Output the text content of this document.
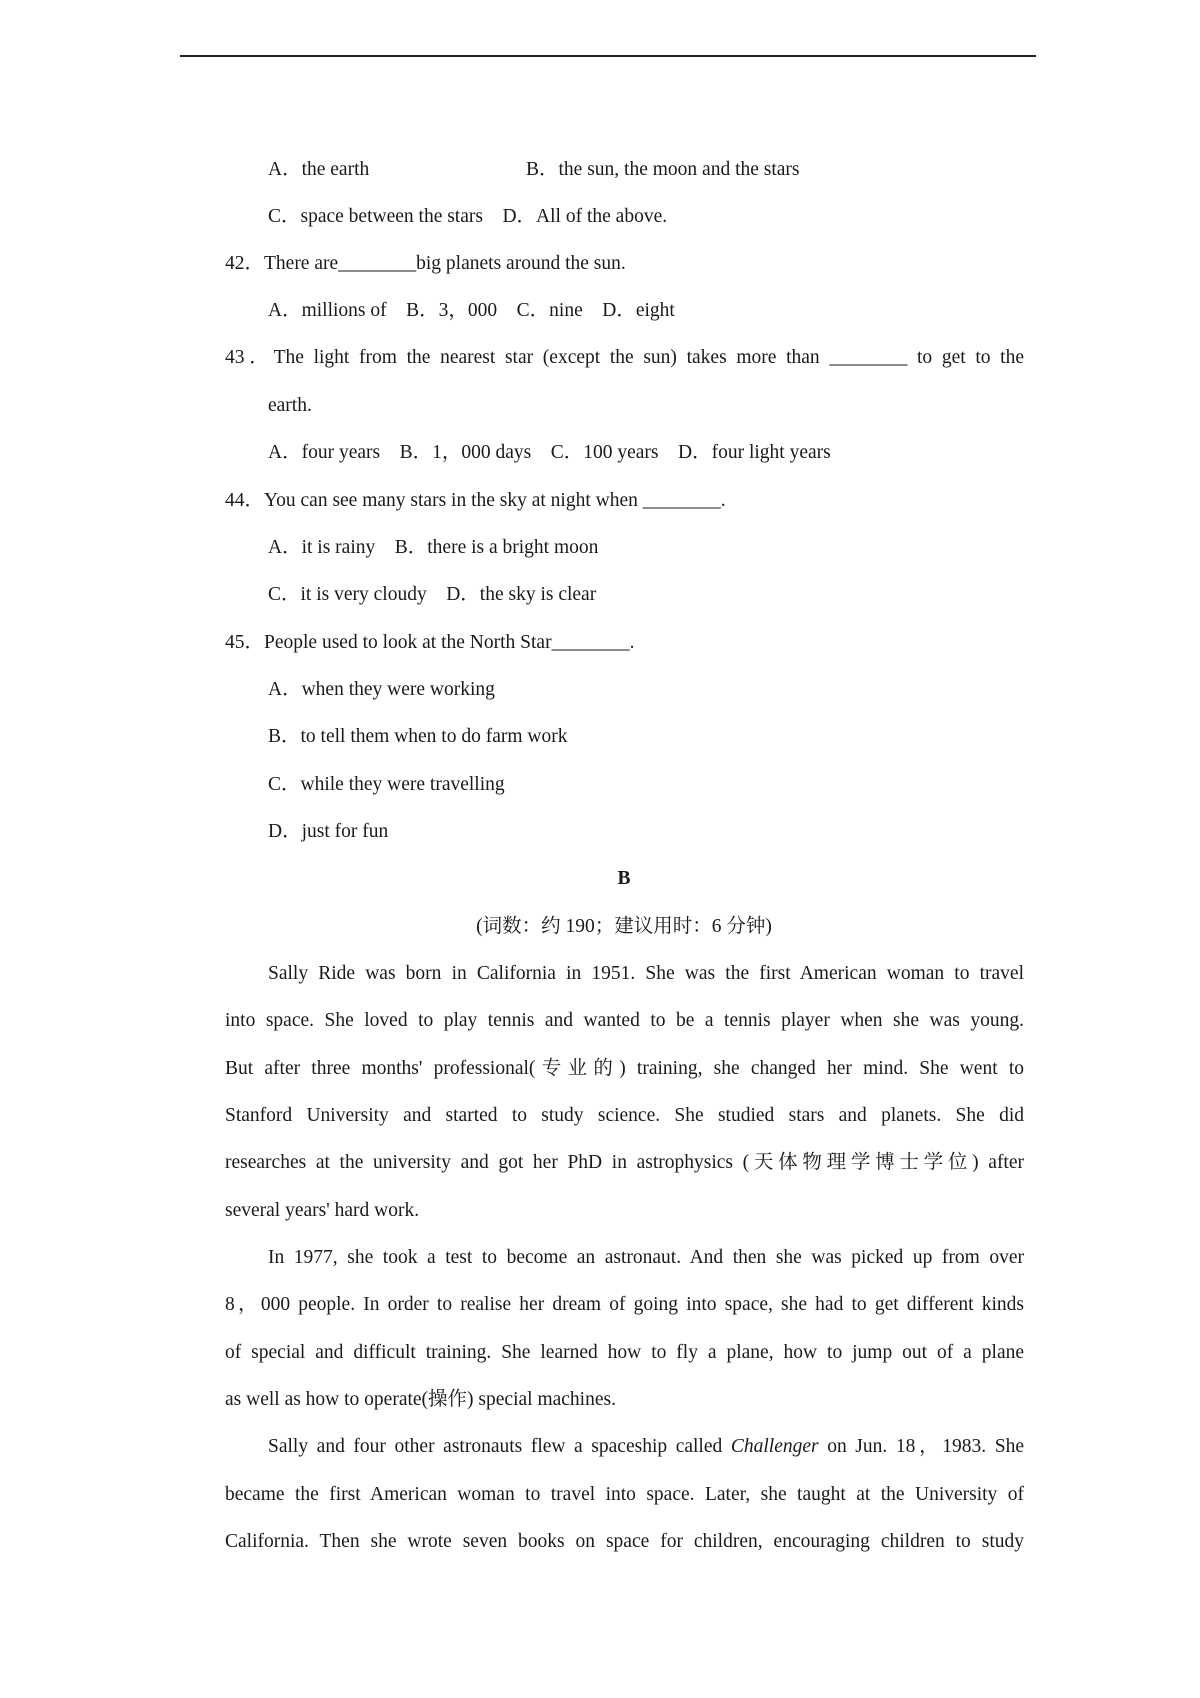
A．the earth	B．the sun, the moon and the stars
C．space between the stars D．All of the above.
42．There are________big planets around the sun.
A．millions of B．3，000 C．nine D．eight
43．The light from the nearest star (except the sun) takes more than ________ to get to the
earth.
A．four years B．1，000 days C．100 years D．four light years
44．You can see many stars in the sky at night when ________.
A．it is rainy B．there is a bright moon
C．it is very cloudy D．the sky is clear
45．People used to look at the North Star________.
A．when they were working
B．to tell them when to do farm work
C．while they were travelling
D．just for fun
B
(词数：约 190；建议用时：6 分钟)
Sally Ride was born in California in 1951. She was the first American woman to travel
into space. She loved to play tennis and wanted to be a tennis player when she was young.
But after three months' professional(专业的) training, she changed her mind. She went to
Stanford University and started to study science. She studied stars and planets. She did
researches at the university and got her PhD in astrophysics (天体物理学博士学位) after
several years' hard work.
In 1977, she took a test to become an astronaut. And then she was picked up from over
8，000 people. In order to realise her dream of going into space, she had to get different kinds
of special and difficult training. She learned how to fly a plane, how to jump out of a plane
as well as how to operate(操作) special machines.
Sally and four other astronauts flew a spaceship called Challenger on Jun. 18，1983. She
became the first American woman to travel into space. Later, she taught at the University of
California. Then she wrote seven books on space for children, encouraging children to study
